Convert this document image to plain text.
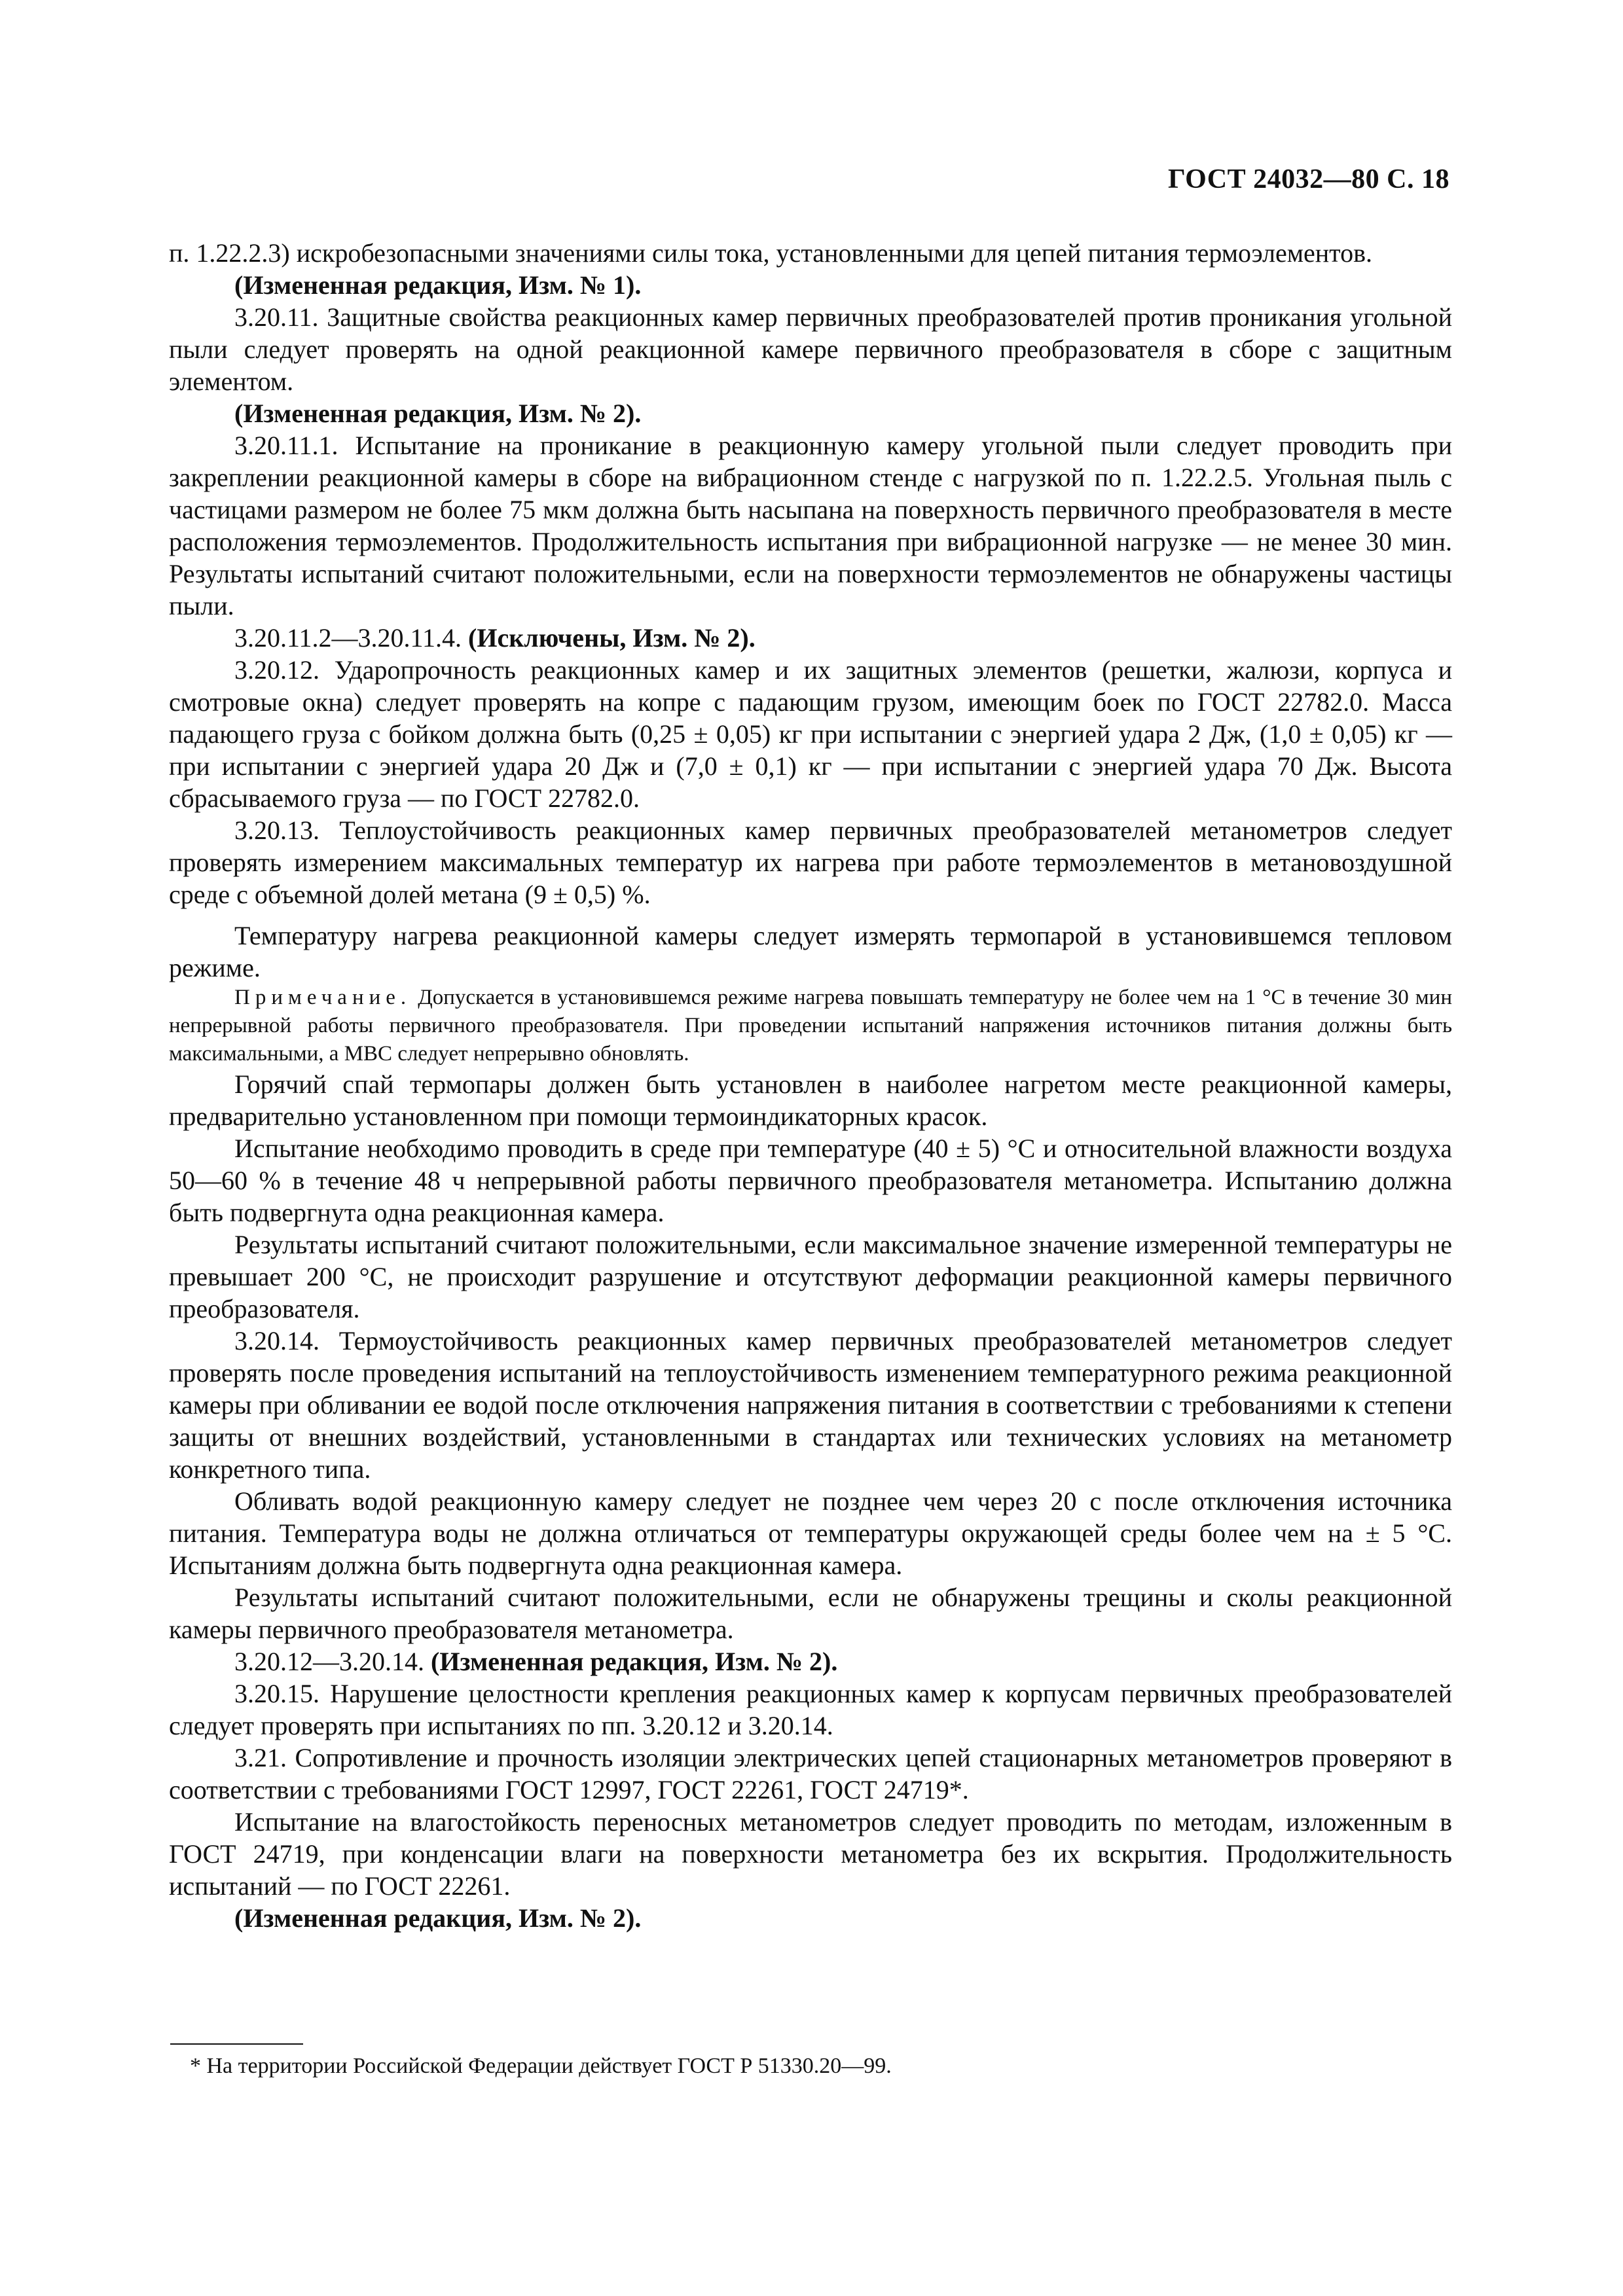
ГОСТ 24032—80 С. 18

п. 1.22.2.3) искробезопасными значениями силы тока, установленными для цепей питания термоэлементов.

(Измененная редакция, Изм. № 1).

3.20.11. Защитные свойства реакционных камер первичных преобразователей против проникания угольной пыли следует проверять на одной реакционной камере первичного преобразователя в сборе с защитным элементом.

(Измененная редакция, Изм. № 2).

3.20.11.1. Испытание на проникание в реакционную камеру угольной пыли следует проводить при закреплении реакционной камеры в сборе на вибрационном стенде с нагрузкой по п. 1.22.2.5. Угольная пыль с частицами размером не более 75 мкм должна быть насыпана на поверхность первичного преобразователя в месте расположения термоэлементов. Продолжительность испытания при вибрационной нагрузке — не менее 30 мин. Результаты испытаний считают положительными, если на поверхности термоэлементов не обнаружены частицы пыли.

3.20.11.2—3.20.11.4. (Исключены, Изм. № 2).

3.20.12. Ударопрочность реакционных камер и их защитных элементов (решетки, жалюзи, корпуса и смотровые окна) следует проверять на копре с падающим грузом, имеющим боек по ГОСТ 22782.0. Масса падающего груза с бойком должна быть (0,25 ± 0,05) кг при испытании с энергией удара 2 Дж, (1,0 ± 0,05) кг — при испытании с энергией удара 20 Дж и (7,0 ± 0,1) кг — при испытании с энергией удара 70 Дж. Высота сбрасываемого груза — по ГОСТ 22782.0.

3.20.13. Теплоустойчивость реакционных камер первичных преобразователей метанометров следует проверять измерением максимальных температур их нагрева при работе термоэлементов в метановоздушной среде с объемной долей метана (9 ± 0,5) %.

Температуру нагрева реакционной камеры следует измерять термопарой в установившемся тепловом режиме.

Примечание. Допускается в установившемся режиме нагрева повышать температуру не более чем на 1 °С в течение 30 мин непрерывной работы первичного преобразователя. При проведении испытаний напряжения источников питания должны быть максимальными, а МВС следует непрерывно обновлять.

Горячий спай термопары должен быть установлен в наиболее нагретом месте реакционной камеры, предварительно установленном при помощи термоиндикаторных красок.

Испытание необходимо проводить в среде при температуре (40 ± 5) °С и относительной влажности воздуха 50—60 % в течение 48 ч непрерывной работы первичного преобразователя метанометра. Испытанию должна быть подвергнута одна реакционная камера.

Результаты испытаний считают положительными, если максимальное значение измеренной температуры не превышает 200 °С, не происходит разрушение и отсутствуют деформации реакционной камеры первичного преобразователя.

3.20.14. Термоустойчивость реакционных камер первичных преобразователей метанометров следует проверять после проведения испытаний на теплоустойчивость изменением температурного режима реакционной камеры при обливании ее водой после отключения напряжения питания в соответствии с требованиями к степени защиты от внешних воздействий, установленными в стандартах или технических условиях на метанометр конкретного типа.

Обливать водой реакционную камеру следует не позднее чем через 20 с после отключения источника питания. Температура воды не должна отличаться от температуры окружающей среды более чем на ± 5 °С. Испытаниям должна быть подвергнута одна реакционная камера.

Результаты испытаний считают положительными, если не обнаружены трещины и сколы реакционной камеры первичного преобразователя метанометра.

3.20.12—3.20.14. (Измененная редакция, Изм. № 2).

3.20.15. Нарушение целостности крепления реакционных камер к корпусам первичных преобразователей следует проверять при испытаниях по пп. 3.20.12 и 3.20.14.

3.21. Сопротивление и прочность изоляции электрических цепей стационарных метанометров проверяют в соответствии с требованиями ГОСТ 12997, ГОСТ 22261, ГОСТ 24719*.

Испытание на влагостойкость переносных метанометров следует проводить по методам, изложенным в ГОСТ 24719, при конденсации влаги на поверхности метанометра без их вскрытия. Продолжительность испытаний — по ГОСТ 22261.

(Измененная редакция, Изм. № 2).

* На территории Российской Федерации действует ГОСТ Р 51330.20—99.
